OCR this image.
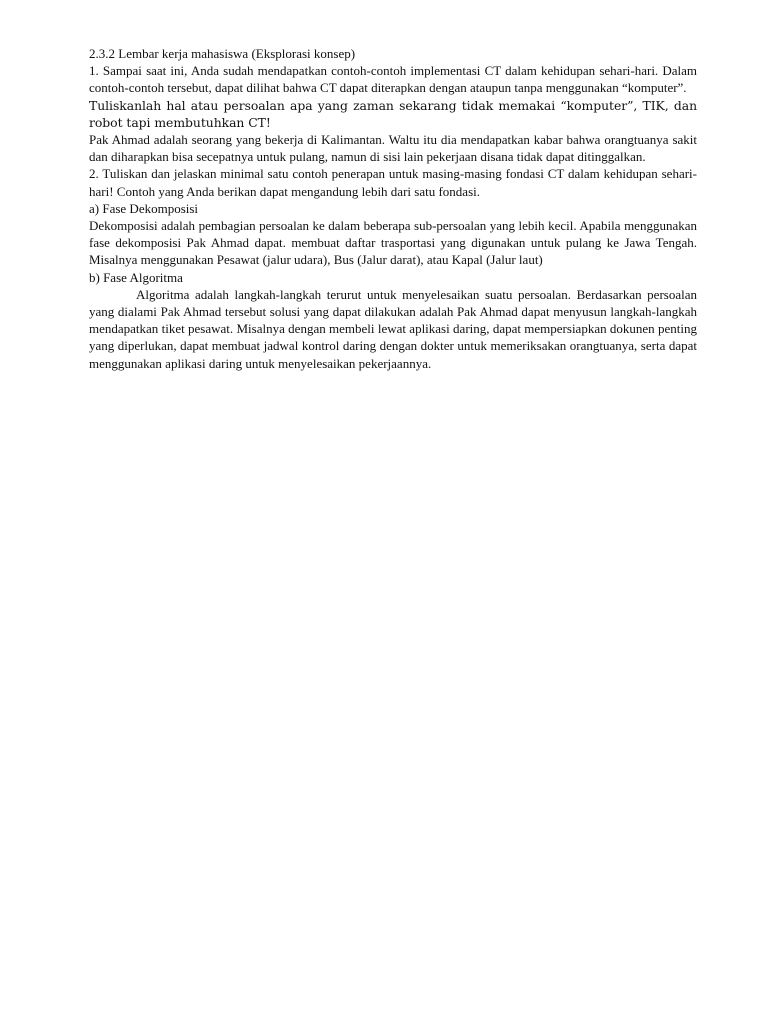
2.3.2 Lembar kerja mahasiswa (Eksplorasi konsep)

1. Sampai saat ini, Anda sudah mendapatkan contoh-contoh implementasi CT dalam kehidupan sehari-hari. Dalam contoh-contoh tersebut, dapat dilihat bahwa CT dapat diterapkan dengan ataupun tanpa menggunakan “komputer”.

Tuliskanlah hal atau persoalan apa yang zaman sekarang tidak memakai “komputer”, TIK, dan robot tapi membutuhkan CT!

Pak Ahmad adalah seorang yang bekerja di Kalimantan. Waltu itu dia mendapatkan kabar bahwa orangtuanya sakit dan diharapkan bisa secepatnya untuk pulang, namun di sisi lain pekerjaan disana tidak dapat ditinggalkan.

2. Tuliskan dan jelaskan minimal satu contoh penerapan untuk masing-masing fondasi CT dalam kehidupan sehari-hari! Contoh yang Anda berikan dapat mengandung lebih dari satu fondasi.

a) Fase Dekomposisi

Dekomposisi adalah pembagian persoalan ke dalam beberapa sub-persoalan yang lebih kecil. Apabila menggunakan fase dekomposisi Pak Ahmad dapat. membuat daftar trasportasi yang digunakan untuk pulang ke Jawa Tengah. Misalnya menggunakan Pesawat (jalur udara), Bus (Jalur darat), atau Kapal (Jalur laut)

b) Fase Algoritma

Algoritma adalah langkah-langkah terurut untuk menyelesaikan suatu persoalan. Berdasarkan persoalan yang dialami Pak Ahmad tersebut solusi yang dapat dilakukan adalah Pak Ahmad dapat menyusun langkah-langkah mendapatkan tiket pesawat. Misalnya dengan membeli lewat aplikasi daring, dapat mempersiapkan dokunen penting yang diperlukan, dapat membuat jadwal kontrol daring dengan dokter untuk memeriksakan orangtuanya, serta dapat menggunakan aplikasi daring untuk menyelesaikan pekerjaannya.
